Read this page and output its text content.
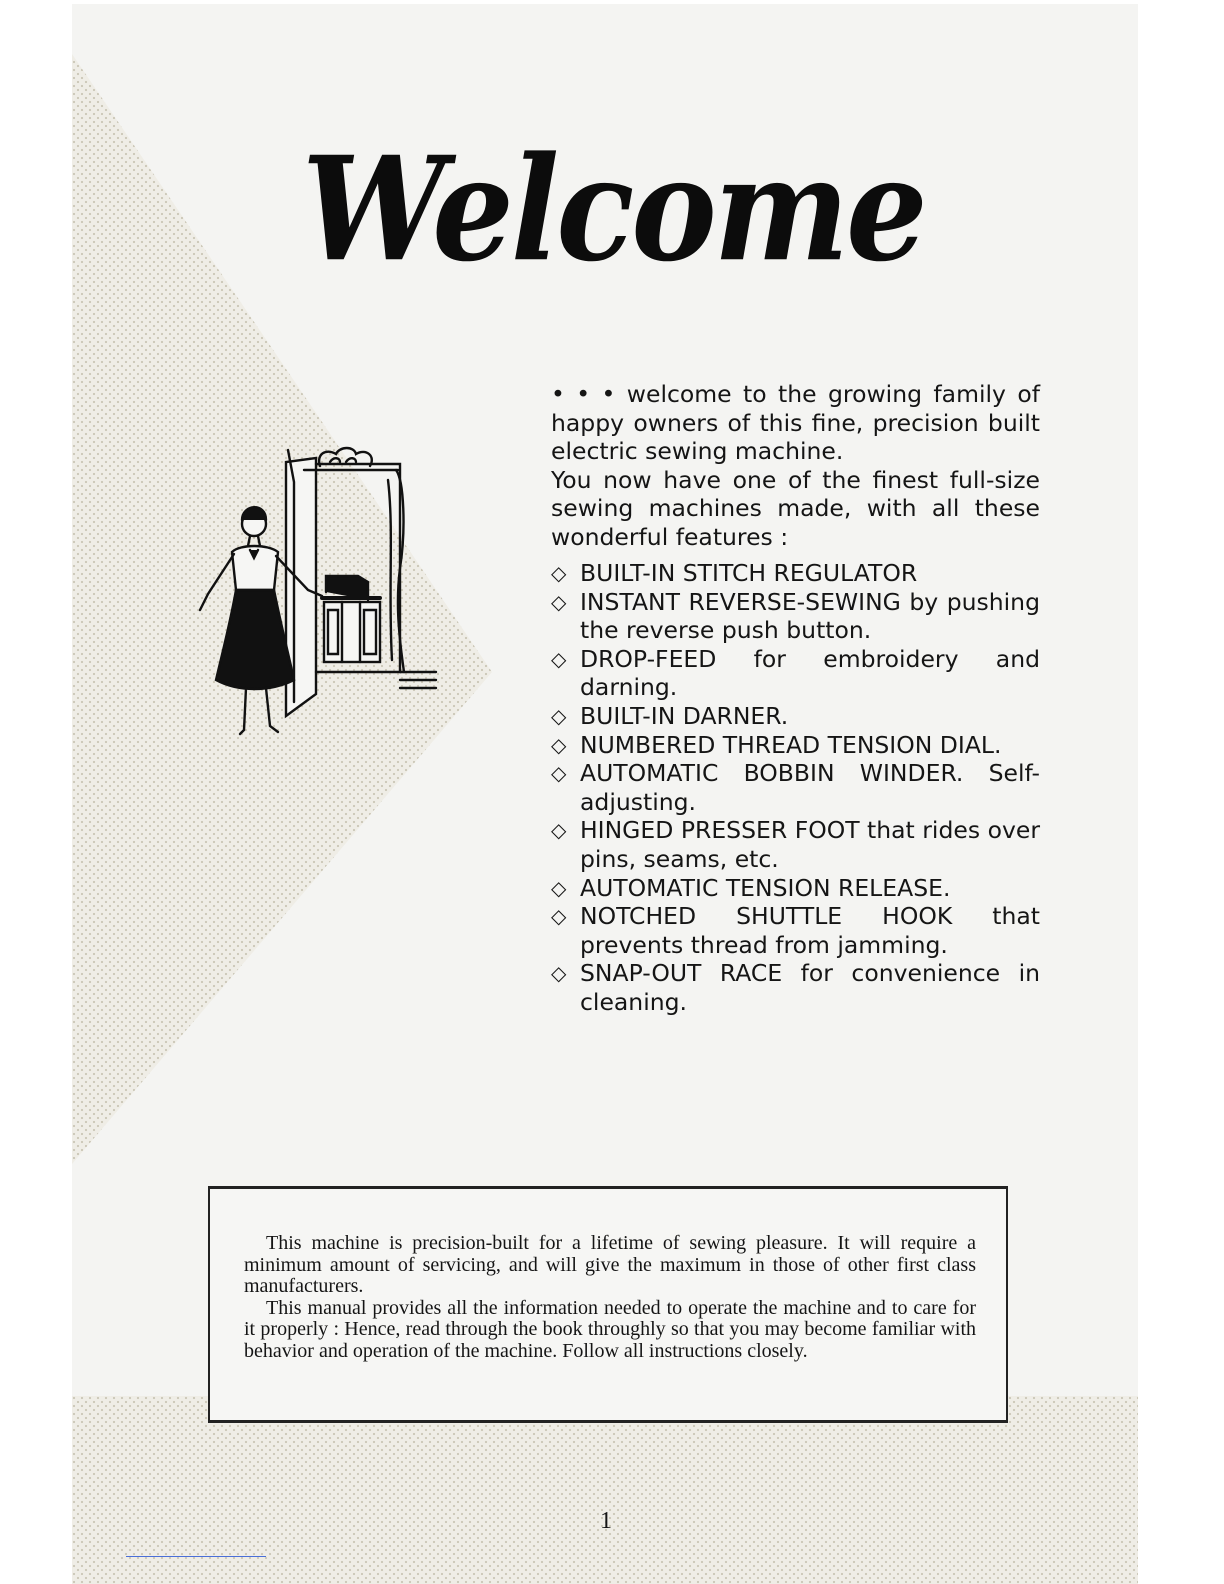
Welcome

• • • welcome to the growing family of happy owners of this fine, precision built electric sewing machine.

You now have one of the finest full-size sewing machines made, with all these wonderful features :

◇ BUILT-IN STITCH REGULATOR
◇ INSTANT REVERSE-SEWING by pushing the reverse push button.
◇ DROP-FEED for embroidery and darning.
◇ BUILT-IN DARNER.
◇ NUMBERED THREAD TENSION DIAL.
◇ AUTOMATIC BOBBIN WINDER. Self-adjusting.
◇ HINGED PRESSER FOOT that rides over pins, seams, etc.
◇ AUTOMATIC TENSION RELEASE.
◇ NOTCHED SHUTTLE HOOK that prevents thread from jamming.
◇ SNAP-OUT RACE for convenience in cleaning.

This machine is precision-built for a lifetime of sewing pleasure. It will require a minimum amount of servicing, and will give the maximum in those of other first class manufacturers.

This manual provides all the information needed to operate the machine and to care for it properly : Hence, read through the book throughly so that you may become familiar with behavior and operation of the machine. Follow all instructions closely.

1
